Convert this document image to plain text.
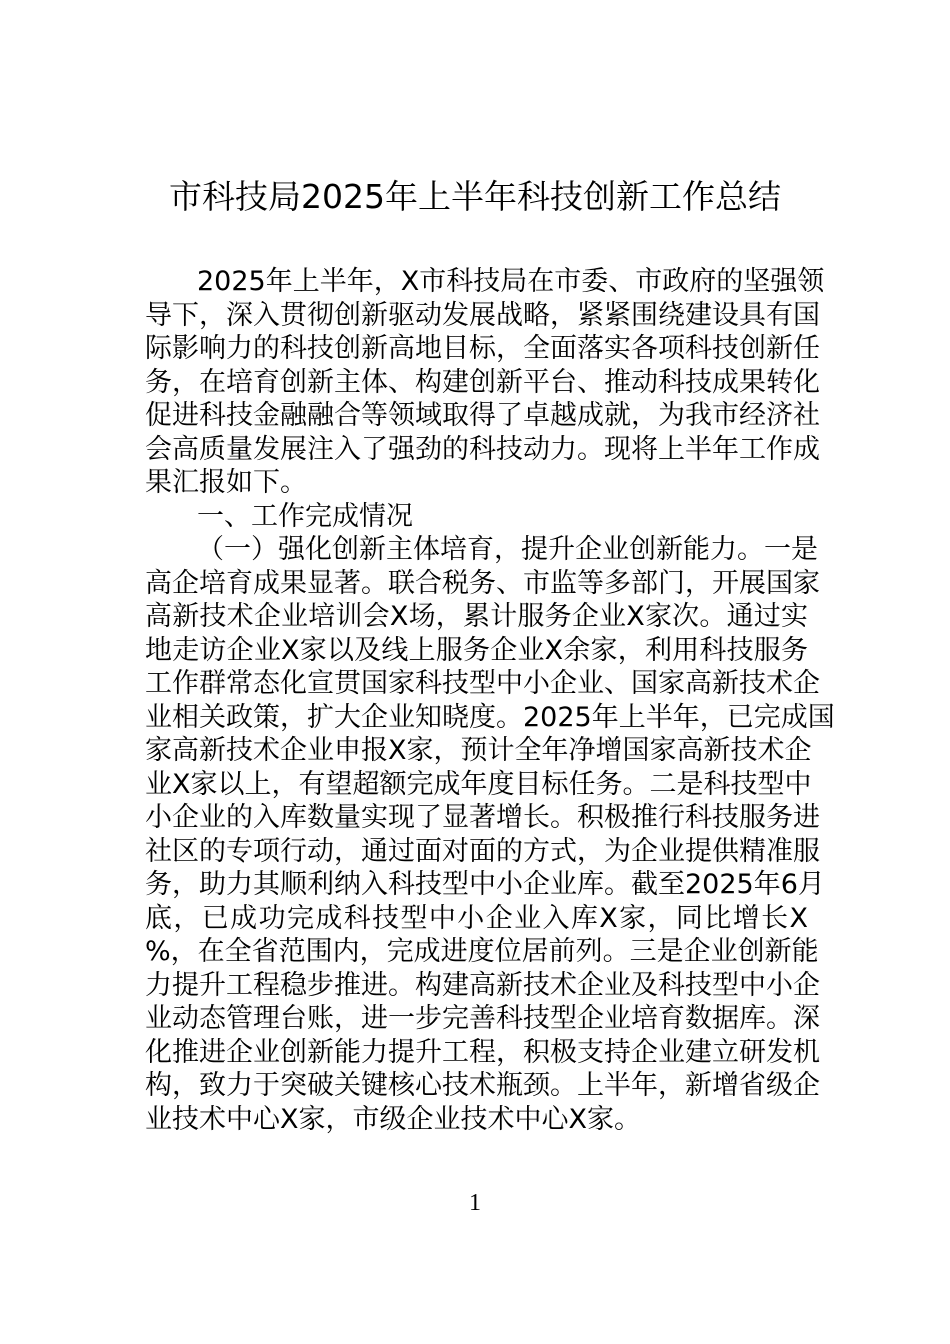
市科技局2025年上半年科技创新工作总结
2025年上半年，X市科技局在市委、市政府的坚强领
导下，深入贯彻创新驱动发展战略，紧紧围绕建设具有国
际影响力的科技创新高地目标，全面落实各项科技创新任
务，在培育创新主体、构建创新平台、推动科技成果转化
促进科技金融融合等领域取得了卓越成就，为我市经济社
会高质量发展注入了强劲的科技动力。现将上半年工作成
果汇报如下。
一、工作完成情况
（一）强化创新主体培育，提升企业创新能力。一是
高企培育成果显著。联合税务、市监等多部门，开展国家
高新技术企业培训会X场，累计服务企业X家次。通过实
地走访企业X家以及线上服务企业X余家，利用科技服务
工作群常态化宣贯国家科技型中小企业、国家高新技术企
业相关政策，扩大企业知晓度。2025年上半年，已完成国
家高新技术企业申报X家，预计全年净增国家高新技术企
业X家以上，有望超额完成年度目标任务。二是科技型中
小企业的入库数量实现了显著增长。积极推行科技服务进
社区的专项行动，通过面对面的方式，为企业提供精准服
务，助力其顺利纳入科技型中小企业库。截至2025年6月
底，已成功完成科技型中小企业入库X家，同比增长X
%，在全省范围内，完成进度位居前列。三是企业创新能
力提升工程稳步推进。构建高新技术企业及科技型中小企
业动态管理台账，进一步完善科技型企业培育数据库。深
化推进企业创新能力提升工程，积极支持企业建立研发机
构，致力于突破关键核心技术瓶颈。上半年，新增省级企
业技术中心X家，市级企业技术中心X家。
1
